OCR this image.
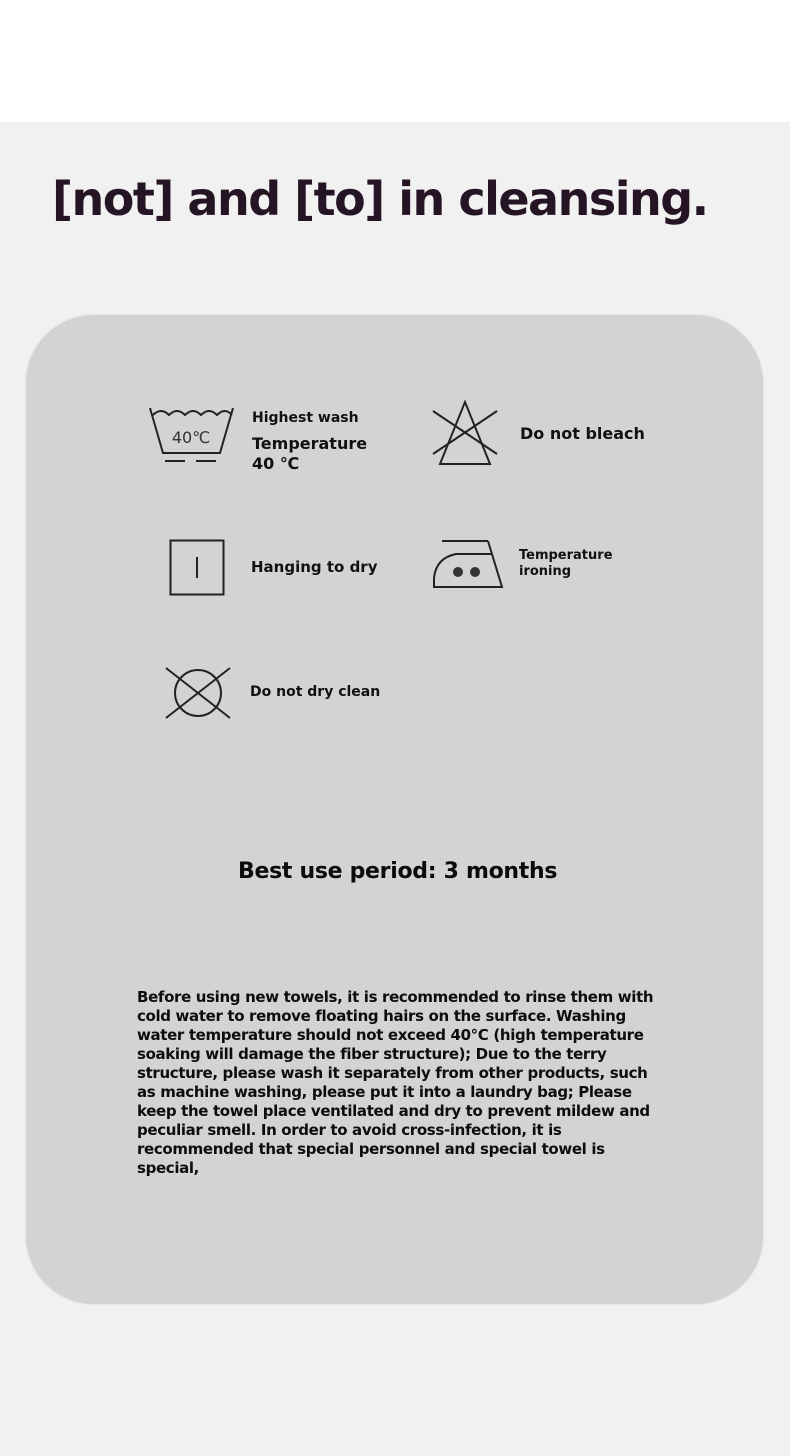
[not] and [to] in cleansing.
40℃
Highest wash
Temperature
40 ℃
Do not bleach
Hanging to dry
Temperature
ironing
Do not dry clean
Best use period: 3 months

Before using new towels, it is recommended to rinse them with
cold water to remove floating hairs on the surface. Washing
water temperature should not exceed 40℃ (high temperature
soaking will damage the fiber structure); Due to the terry
structure, please wash it separately from other products, such
as machine washing, please put it into a laundry bag; Please
keep the towel place ventilated and dry to prevent mildew and
peculiar smell. In order to avoid cross-infection, it is
recommended that special personnel and special towel is
special,
